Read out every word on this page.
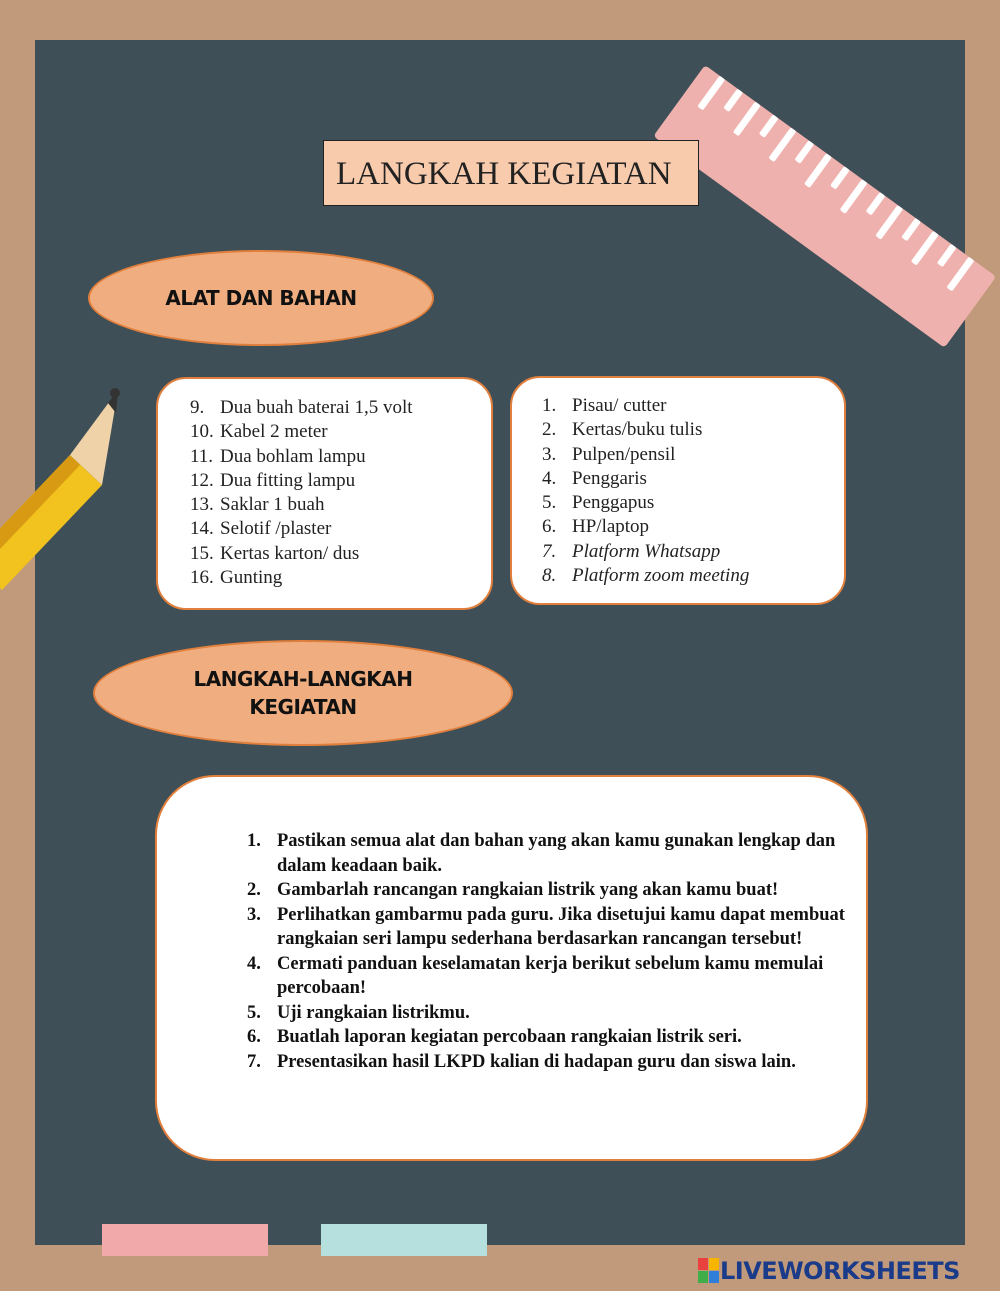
LANGKAH KEGIATAN
ALAT DAN BAHAN
9. Dua buah baterai 1,5 volt
10. Kabel 2 meter
11. Dua bohlam lampu
12. Dua fitting lampu
13. Saklar 1 buah
14. Selotif /plaster
15. Kertas karton/ dus
16. Gunting
1. Pisau/ cutter
2. Kertas/buku tulis
3. Pulpen/pensil
4. Penggaris
5. Penggapus
6. HP/laptop
7. Platform Whatsapp
8. Platform zoom meeting
LANGKAH-LANGKAH
KEGIATAN
1. Pastikan semua alat dan bahan yang akan kamu gunakan lengkap dan dalam keadaan baik.
2. Gambarlah rancangan rangkaian listrik yang akan kamu buat!
3. Perlihatkan gambarmu pada guru. Jika disetujui kamu dapat membuat rangkaian seri lampu sederhana berdasarkan rancangan tersebut!
4. Cermati panduan keselamatan kerja berikut sebelum kamu memulai percobaan!
5. Uji rangkaian listrikmu.
6. Buatlah laporan kegiatan percobaan rangkaian listrik seri.
7. Presentasikan hasil LKPD kalian di hadapan guru dan siswa lain.
LIVEWORKSHEETS
